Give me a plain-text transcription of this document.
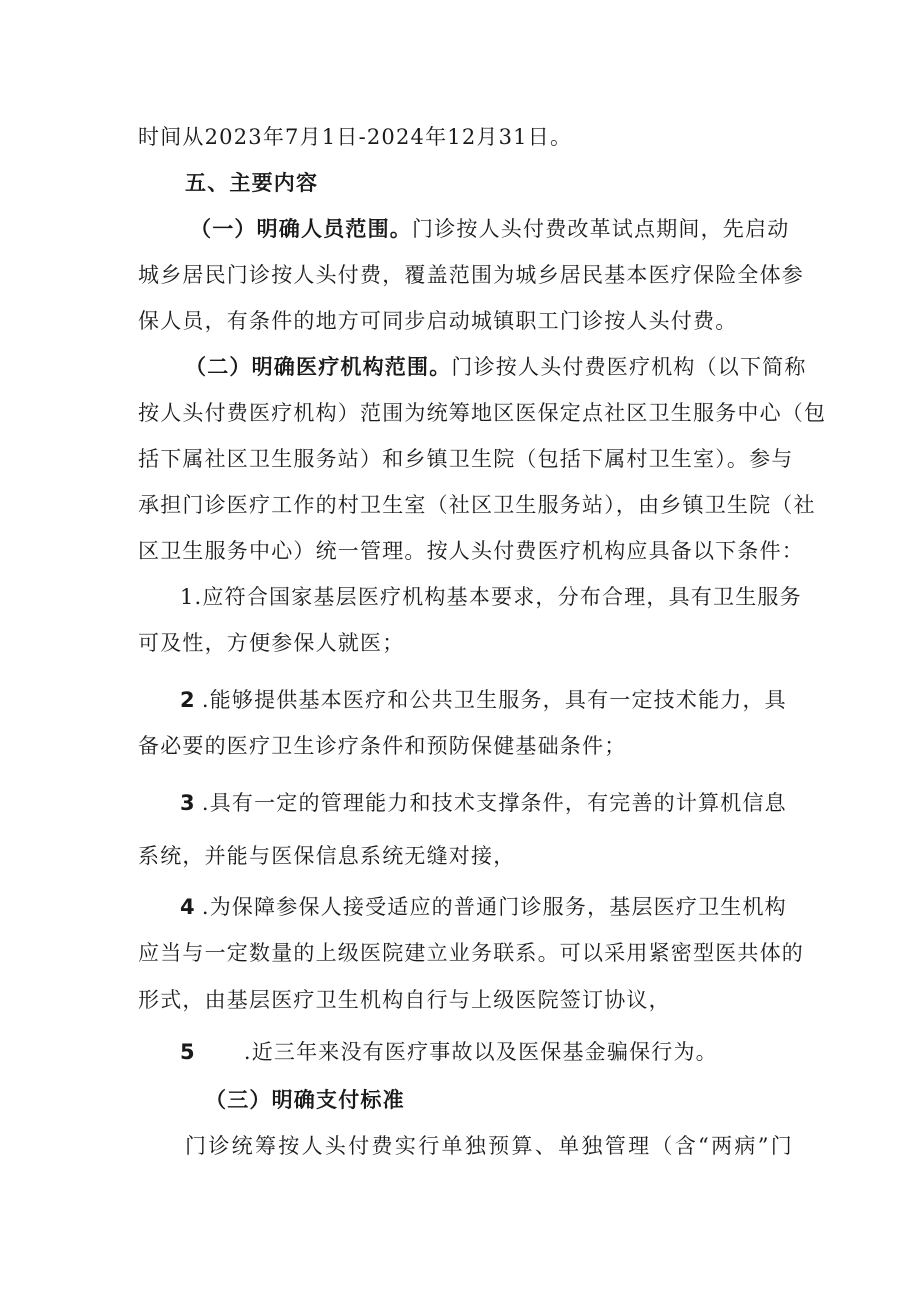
时间从2023年7月1日-2024年12月31日。
五、主要内容
（一）明确人员范围。门诊按人头付费改革试点期间，先启动
城乡居民门诊按人头付费，覆盖范围为城乡居民基本医疗保险全体参
保人员，有条件的地方可同步启动城镇职工门诊按人头付费。
（二）明确医疗机构范围。门诊按人头付费医疗机构（以下简称
按人头付费医疗机构）范围为统筹地区医保定点社区卫生服务中心（包
括下属社区卫生服务站）和乡镇卫生院（包括下属村卫生室）。参与
承担门诊医疗工作的村卫生室（社区卫生服务站），由乡镇卫生院（社
区卫生服务中心）统一管理。按人头付费医疗机构应具备以下条件：
1.应符合国家基层医疗机构基本要求，分布合理，具有卫生服务
可及性，方便参保人就医；
2 .能够提供基本医疗和公共卫生服务，具有一定技术能力，具
备必要的医疗卫生诊疗条件和预防保健基础条件；
3 .具有一定的管理能力和技术支撑条件，有完善的计算机信息
系统，并能与医保信息系统无缝对接，
4 .为保障参保人接受适应的普通门诊服务，基层医疗卫生机构
应当与一定数量的上级医院建立业务联系。可以采用紧密型医共体的
形式，由基层医疗卫生机构自行与上级医院签订协议，
5 .近三年来没有医疗事故以及医保基金骗保行为。
（三）明确支付标准
门诊统筹按人头付费实行单独预算、单独管理（含“两病”门
